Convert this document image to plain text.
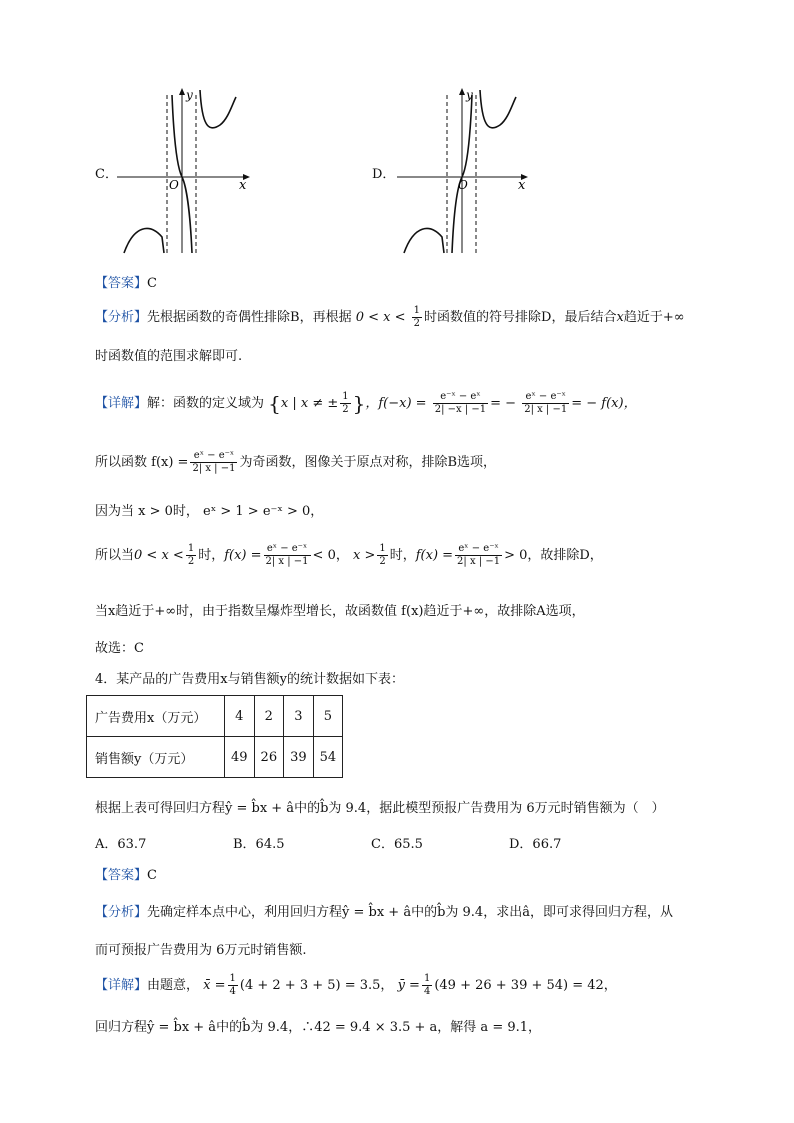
C．
x
y
O
D．
x
y
O
【答案】C
【分析】先根据函数的奇偶性排除B，再根据 $0 < x < \frac{1}{2}$ 时函数值的符号排除D，最后结合x趋近于+∞
时函数值的范围求解即可.
【详解】解：函数的定义域为 {x | x ≠ ± $\frac{1}{2}$ }，$f(-x) = \frac{\text{e⁻ˣ − eˣ}}{2| -x | -1}$ = − $\frac{\text{eˣ − e⁻ˣ}}{2| x | -1}$ = − f(x)，
所以函数 $f(x) = \frac{\text{eˣ − e⁻ˣ}}{2| x | -1}$ 为奇函数，图像关于原点对称，排除B选项，
因为当 x > 0时， eˣ > 1 > e⁻ˣ > 0，
所以当$0 < x < \frac{1}{2}$ 时，$f(x) = \frac{\text{eˣ − e⁻ˣ}}{2| x | -1} < 0$， $x > \frac{1}{2}$ 时，$f(x) = \frac{\text{eˣ − e⁻ˣ}}{2| x | -1} > 0$，故排除D，
当x趋近于+∞时，由于指数呈爆炸型增长，故函数值 f(x)趋近于+∞，故排除A选项，
故选：C
4．某产品的广告费用x与销售额y的统计数据如下表：
广告费用x（万元）	4	2	3	5
销售额y（万元）	49	26	39	54
根据上表可得回归方程ŷ = b̂x + â中的b̂为 9.4，据此模型预报广告费用为 6万元时销售额为（　）
A．63.7	B．64.5	C．65.5	D．66.7
【答案】C
【分析】先确定样本点中心，利用回归方程ŷ = b̂x + â中的b̂为 9.4，求出â，即可求得回归方程，从
而可预报广告费用为 6万元时销售额.
【详解】由题意， x̄ = $\frac{1}{4} (4 + 2 + 3 + 5) = 3.5$， ȳ = $\frac{1}{4} (49 + 26 + 39 + 54) = 42$，
回归方程ŷ = b̂x + â中的b̂为 9.4，∴42 = 9.4 × 3.5 + a，解得 a = 9.1，
